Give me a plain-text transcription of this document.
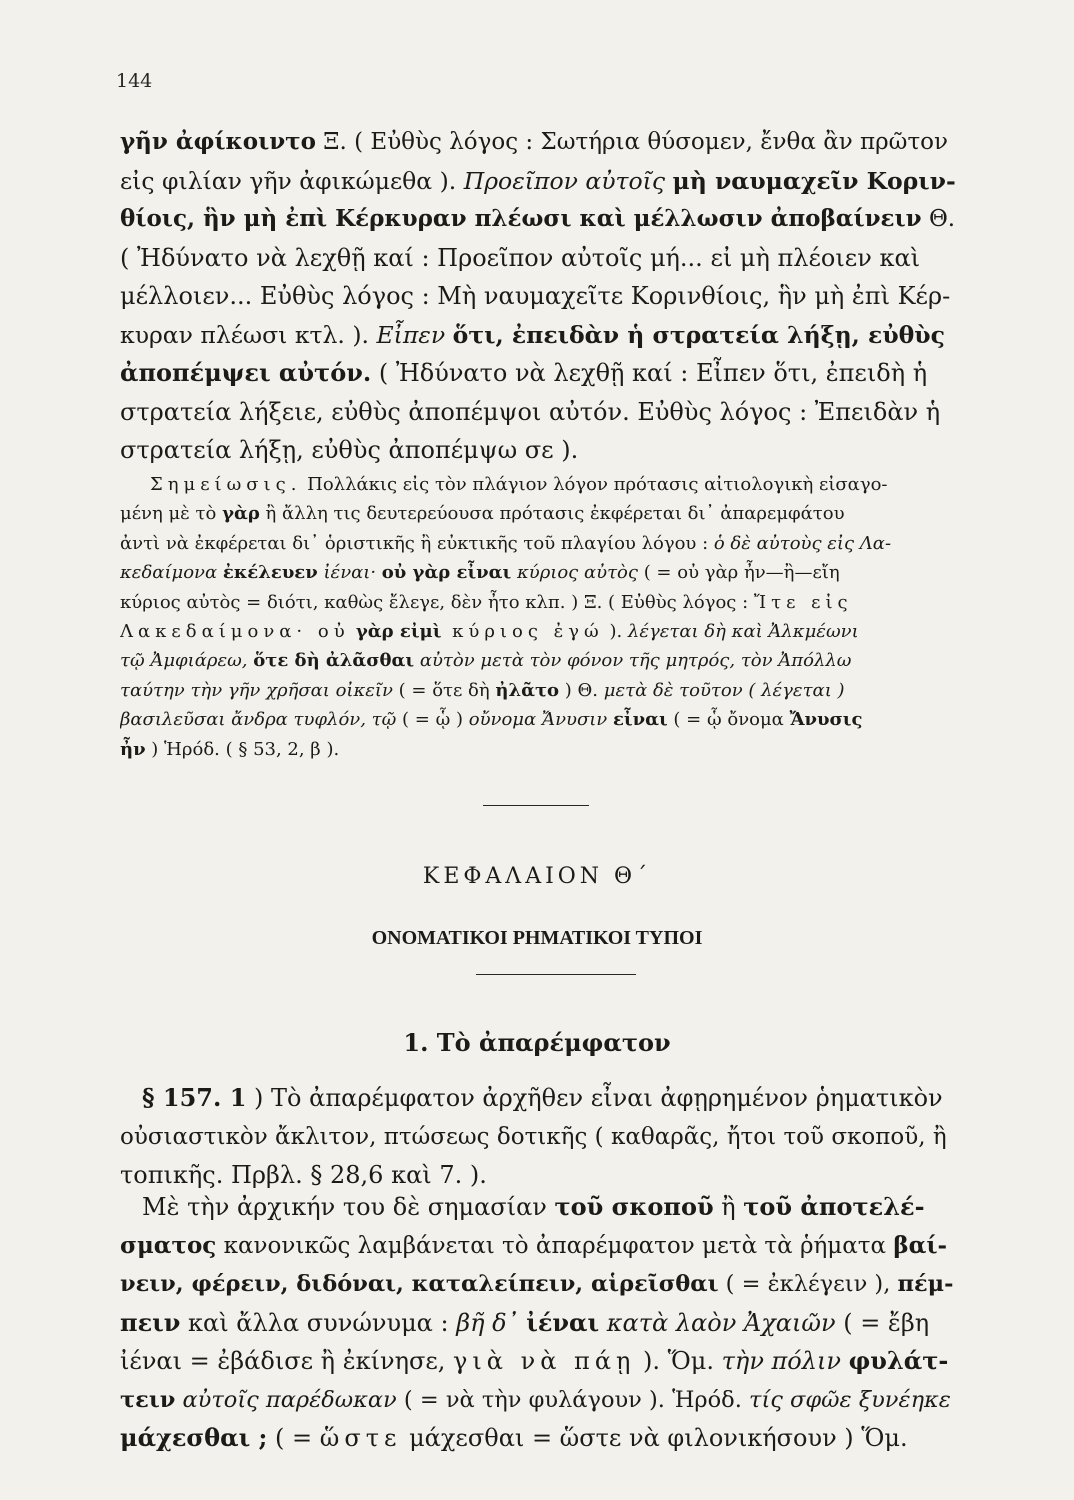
144
γῆν ἀφίκοιντο Ξ. ( Εὐθὺς λόγος : Σωτήρια θύσομεν, ἔνθα ἂν πρῶτον
εἰς φιλίαν γῆν ἀφικώμεθα ). Προεῖπον αὐτοῖς μὴ ναυμαχεῖν Κοριν-
θίοις, ἣν μὴ ἐπὶ Κέρκυραν πλέωσι καὶ μέλλωσιν ἀποβαίνειν Θ.
( Ἠδύνατο νὰ λεχθῇ καί : Προεῖπον αὐτοῖς μή... εἰ μὴ πλέοιεν καὶ
μέλλοιεν... Εὐθὺς λόγος : Μὴ ναυμαχεῖτε Κορινθίοις, ἣν μὴ ἐπὶ Κέρ-
κυραν πλέωσι κτλ. ). Εἶπεν ὅτι, ἐπειδὰν ἡ στρατεία λήξῃ, εὐθὺς
ἀποπέμψει αὐτόν. ( Ἠδύνατο νὰ λεχθῇ καί : Εἶπεν ὅτι, ἐπειδὴ ἡ
στρατεία λήξειε, εὐθὺς ἀποπέμψοι αὐτόν. Εὐθὺς λόγος : Ἐπειδὰν ἡ
στρατεία λήξῃ, εὐθὺς ἀποπέμψω σε ).
Σημείωσις. Πολλάκις εἰς τὸν πλάγιον λόγον πρότασις αἰτιολογικὴ εἰσαγο-
μένη μὲ τὸ γὰρ ἢ ἄλλη τις δευτερεύουσα πρότασις ἐκφέρεται δι᾽ ἀπαρεμφάτου
ἀντὶ νὰ ἐκφέρεται δι᾽ ὁριστικῆς ἢ εὐκτικῆς τοῦ πλαγίου λόγου : ὁ δὲ αὐτοὺς εἰς Λα-
κεδαίμονα ἐκέλευεν ἰέναι· οὐ γὰρ εἶναι κύριος αὐτὸς ( = οὐ γὰρ ἦν—ἢ—εἴη
κύριος αὐτὸς = διότι, καθὼς ἔλεγε, δὲν ἦτο κλπ. ) Ξ. ( Εὐθὺς λόγος : Ἴτε εἰς
Λακεδαίμονα· οὐ γὰρ εἰμὶ κύριος ἐγώ ). λέγεται δὴ καὶ Ἀλκμέωνι
τῷ Ἀμφιάρεω, ὅτε δὴ ἀλᾶσθαι αὐτὸν μετὰ τὸν φόνον τῆς μητρός, τὸν Ἀπόλλω
ταύτην τὴν γῆν χρῆσαι οἰκεῖν ( = ὅτε δὴ ἠλᾶτο ) Θ. μετὰ δὲ τοῦτον ( λέγεται )
βασιλεῦσαι ἄνδρα τυφλόν, τῷ ( = ᾧ ) οὔνομα Ἄνυσιν εἶναι ( = ᾧ ὄνομα Ἄνυσις
ἦν ) Ἡρόδ. ( § 53, 2, β ).
ΚΕΦΑΛΑΙΟΝ Θ΄
ΟΝΟΜΑΤΙΚΟΙ ΡΗΜΑΤΙΚΟΙ ΤΥΠΟΙ
1. Τὸ ἀπαρέμφατον
§ 157. 1 ) Τὸ ἀπαρέμφατον ἀρχῆθεν εἶναι ἀφῃρημένον ῥηματικὸν
οὐσιαστικὸν ἄκλιτον, πτώσεως δοτικῆς ( καθαρᾶς, ἤτοι τοῦ σκοποῦ, ἢ
τοπικῆς. Πρβλ. § 28,6 καὶ 7. ).
Μὲ τὴν ἀρχικήν του δὲ σημασίαν τοῦ σκοποῦ ἢ τοῦ ἀποτελέ-
σματος κανονικῶς λαμβάνεται τὸ ἀπαρέμφατον μετὰ τὰ ῥήματα βαί-
νειν, φέρειν, διδόναι, καταλείπειν, αἱρεῖσθαι ( = ἐκλέγειν ), πέμ-
πειν καὶ ἄλλα συνώνυμα : βῆ δ᾽ ἰέναι κατὰ λαὸν Ἀχαιῶν ( = ἔβη
ἰέναι = ἐβάδισε ἢ ἐκίνησε, γιὰ νὰ πάῃ ). Ὅμ. τὴν πόλιν φυλάτ-
τειν αὐτοῖς παρέδωκαν ( = νὰ τὴν φυλάγουν ). Ἡρόδ. τίς σφῶε ξυνέηκε
μάχεσθαι ; ( = ὥστε μάχεσθαι = ὥστε νὰ φιλονικήσουν ) Ὅμ.
